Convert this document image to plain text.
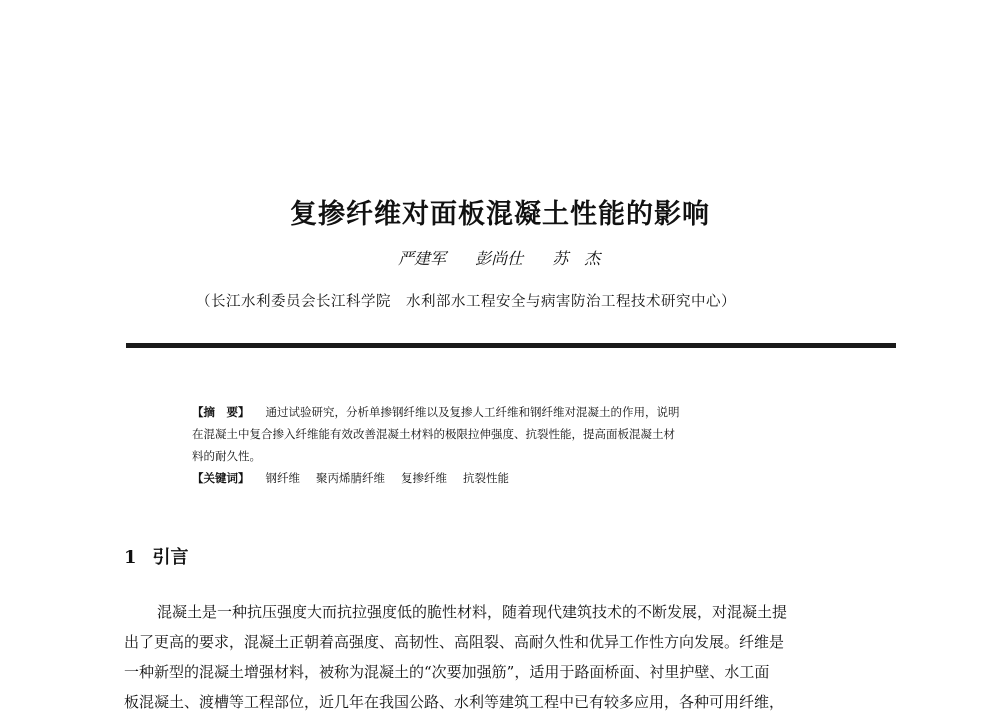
复掺纤维对面板混凝土性能的影响
严建军 彭尚仕 苏　杰
（长江水利委员会长江科学院　水利部水工程安全与病害防治工程技术研究中心）
【摘　要】 通过试验研究，分析单掺钢纤维以及复掺人工纤维和钢纤维对混凝土的作用，说明
在混凝土中复合掺入纤维能有效改善混凝土材料的极限拉伸强度、抗裂性能，提高面板混凝土材
料的耐久性。
【关键词】 钢纤维 聚丙烯腈纤维 复掺纤维 抗裂性能
1 引言
混凝土是一种抗压强度大而抗拉强度低的脆性材料，随着现代建筑技术的不断发展，对混凝土提
出了更高的要求，混凝土正朝着高强度、高韧性、高阻裂、高耐久性和优异工作性方向发展。纤维是
一种新型的混凝土增强材料，被称为混凝土的“次要加强筋”，适用于路面桥面、衬里护壁、水工面
板混凝土、渡槽等工程部位，近几年在我国公路、水利等建筑工程中已有较多应用，各种可用纤维，
